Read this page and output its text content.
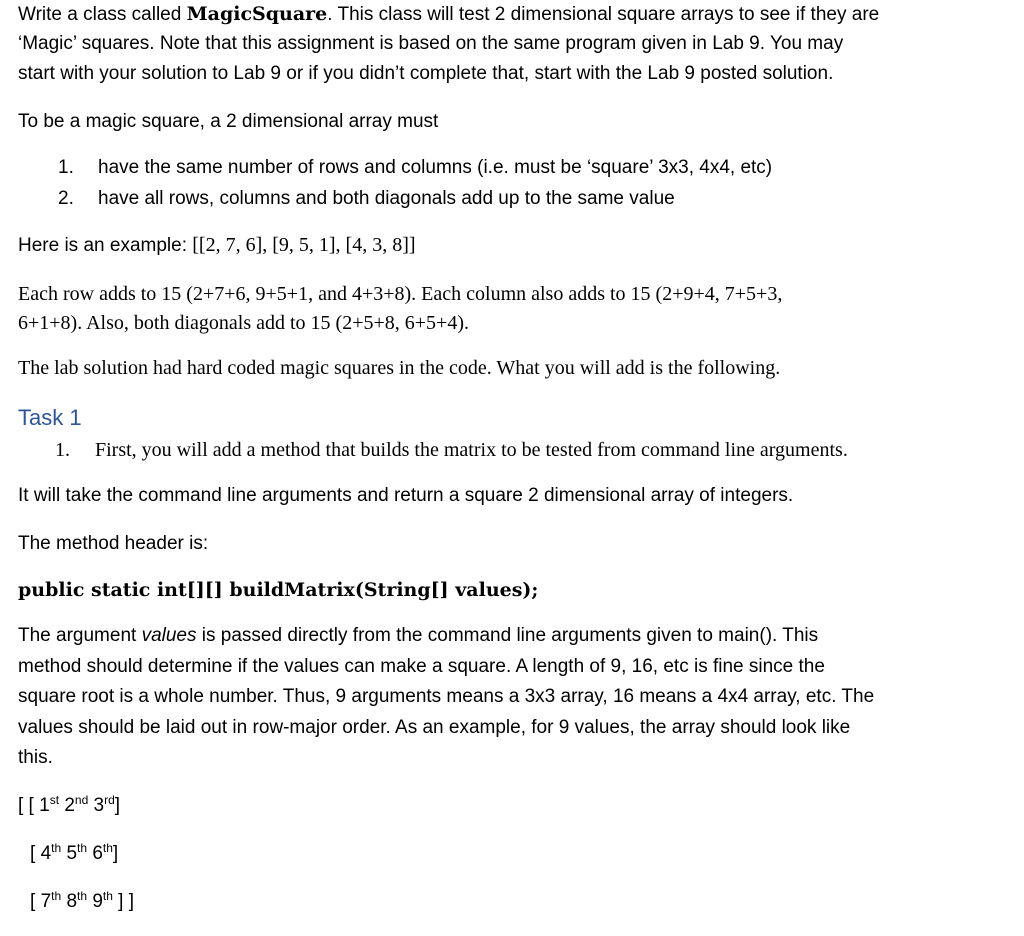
Write a class called MagicSquare. This class will test 2 dimensional square arrays to see if they are
‘Magic’ squares. Note that this assignment is based on the same program given in Lab 9. You may
start with your solution to Lab 9 or if you didn’t complete that, start with the Lab 9 posted solution.
To be a magic square, a 2 dimensional array must
1. have the same number of rows and columns (i.e. must be ‘square’ 3x3, 4x4, etc)
2. have all rows, columns and both diagonals add up to the same value
Here is an example: [[2, 7, 6], [9, 5, 1], [4, 3, 8]]
Each row adds to 15 (2+7+6, 9+5+1, and 4+3+8). Each column also adds to 15 (2+9+4, 7+5+3,
6+1+8). Also, both diagonals add to 15 (2+5+8, 6+5+4).
The lab solution had hard coded magic squares in the code. What you will add is the following.
Task 1
1. First, you will add a method that builds the matrix to be tested from command line arguments.
It will take the command line arguments and return a square 2 dimensional array of integers.
The method header is:
public static int[][] buildMatrix(String[] values);
The argument values is passed directly from the command line arguments given to main(). This
method should determine if the values can make a square. A length of 9, 16, etc is fine since the
square root is a whole number. Thus, 9 arguments means a 3x3 array, 16 means a 4x4 array, etc. The
values should be laid out in row-major order. As an example, for 9 values, the array should look like
this.
[ [ 1st 2nd 3rd]
[ 4th 5th 6th]
[ 7th 8th 9th ] ]
